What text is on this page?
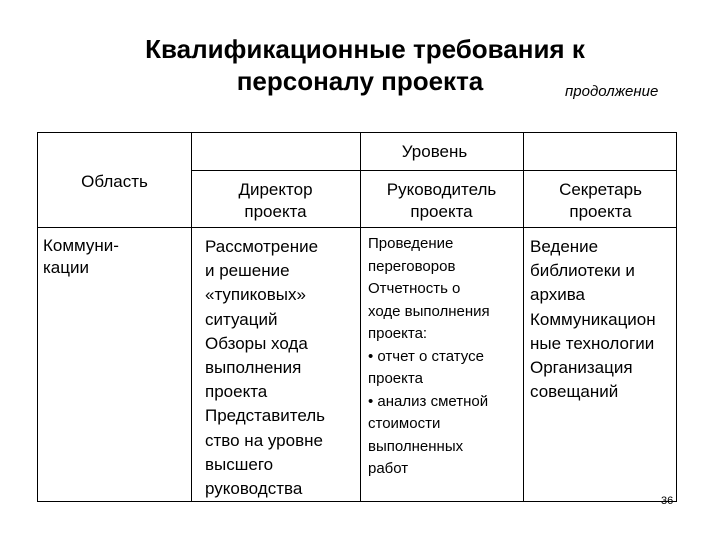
Квалификационные требования к
персоналу проекта	продолжение
Уровень
Область	Директор
проекта
Руководитель
проекта
Секретарь
проекта
Коммуни-
кации
Рассмотрение
и решение
«тупиковых»
ситуаций
Обзоры хода
выполнения
проекта
Представитель
ство на уровне
высшего
руководства
Проведение
переговоров
Отчетность о
ходе выполнения
проекта:
• отчет о статусе
проекта
• анализ сметной
стоимости
выполненных
работ
Ведение
библиотеки и
архива
Коммуникацион
ные технологии
Организация
совещаний
36
